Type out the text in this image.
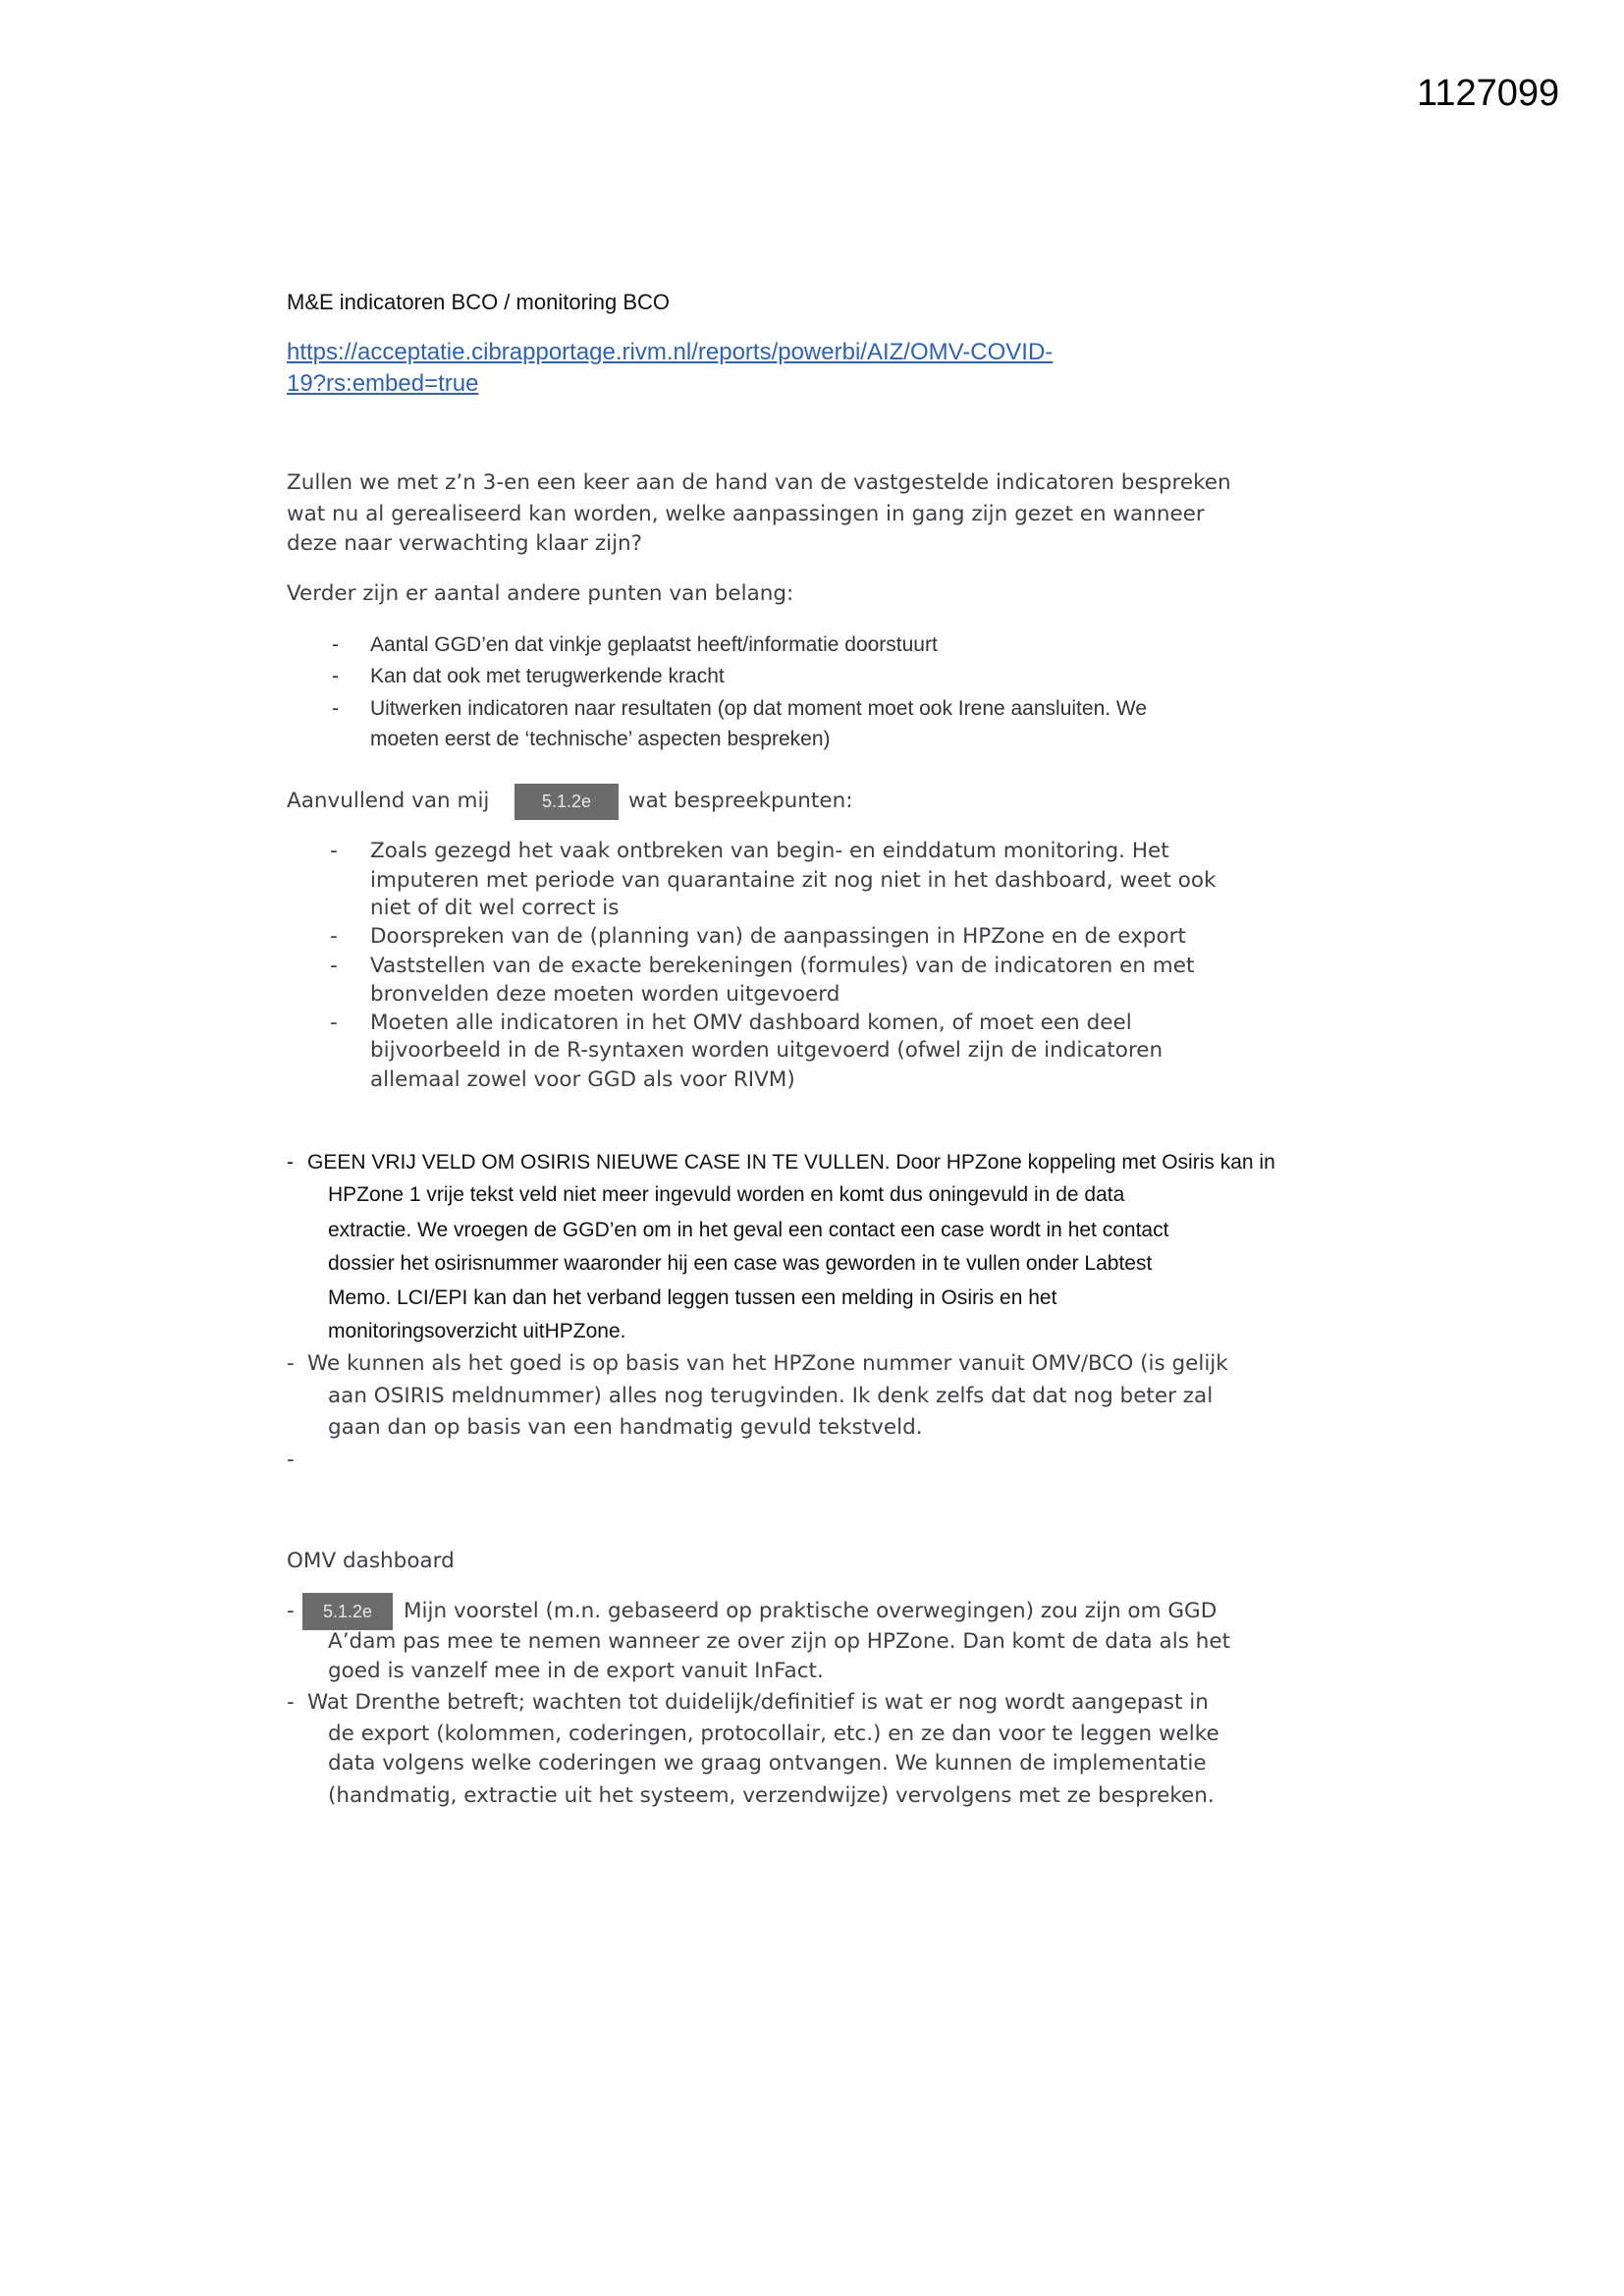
1127099
M&E indicatoren BCO / monitoring BCO
https://acceptatie.cibrapportage.rivm.nl/reports/powerbi/AIZ/OMV-COVID-
19?rs:embed=true
Zullen we met z’n 3-en een keer aan de hand van de vastgestelde indicatoren bespreken
wat nu al gerealiseerd kan worden, welke aanpassingen in gang zijn gezet en wanneer
deze naar verwachting klaar zijn?
Verder zijn er aantal andere punten van belang:
- Aantal GGD’en dat vinkje geplaatst heeft/informatie doorstuurt
- Kan dat ook met terugwerkende kracht
- Uitwerken indicatoren naar resultaten (op dat moment moet ook Irene aansluiten. We
moeten eerst de ‘technische’ aspecten bespreken)
Aanvullend van mij	5.1.2e	wat bespreekpunten:
- Zoals gezegd het vaak ontbreken van begin- en einddatum monitoring. Het
imputeren met periode van quarantaine zit nog niet in het dashboard, weet ook
niet of dit wel correct is
- Doorspreken van de (planning van) de aanpassingen in HPZone en de export
- Vaststellen van de exacte berekeningen (formules) van de indicatoren en met
bronvelden deze moeten worden uitgevoerd
- Moeten alle indicatoren in het OMV dashboard komen, of moet een deel
bijvoorbeeld in de R-syntaxen worden uitgevoerd (ofwel zijn de indicatoren
allemaal zowel voor GGD als voor RIVM)
- GEEN VRIJ VELD OM OSIRIS NIEUWE CASE IN TE VULLEN. Door HPZone koppeling met Osiris kan in
HPZone 1 vrije tekst veld niet meer ingevuld worden en komt dus oningevuld in de data
extractie. We vroegen de GGD’en om in het geval een contact een case wordt in het contact
dossier het osirisnummer waaronder hij een case was geworden in te vullen onder Labtest
Memo. LCI/EPI kan dan het verband leggen tussen een melding in Osiris en het
monitoringsoverzicht uitHPZone.
- We kunnen als het goed is op basis van het HPZone nummer vanuit OMV/BCO (is gelijk
aan OSIRIS meldnummer) alles nog terugvinden. Ik denk zelfs dat dat nog beter zal
gaan dan op basis van een handmatig gevuld tekstveld.
-
OMV dashboard
-	5.1.2e	Mijn voorstel (m.n. gebaseerd op praktische overwegingen) zou zijn om GGD
A’dam pas mee te nemen wanneer ze over zijn op HPZone. Dan komt de data als het
goed is vanzelf mee in de export vanuit InFact.
- Wat Drenthe betreft; wachten tot duidelijk/definitief is wat er nog wordt aangepast in
de export (kolommen, coderingen, protocollair, etc.) en ze dan voor te leggen welke
data volgens welke coderingen we graag ontvangen. We kunnen de implementatie
(handmatig, extractie uit het systeem, verzendwijze) vervolgens met ze bespreken.
